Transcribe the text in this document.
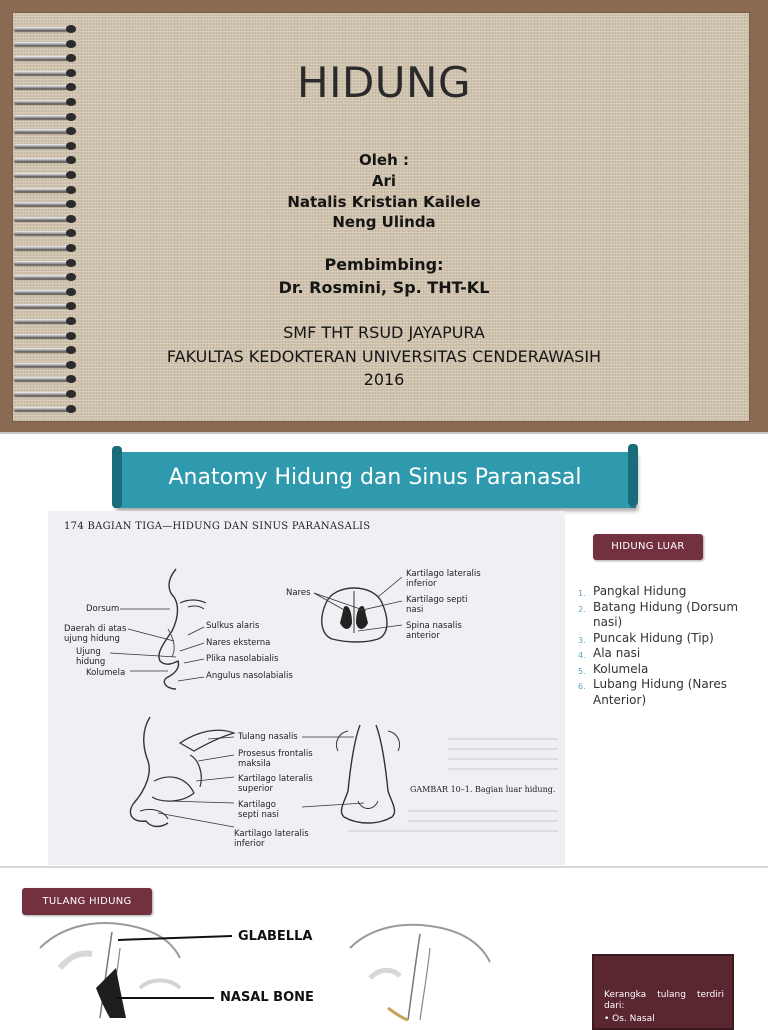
HIDUNG
Oleh :
Ari
Natalis Kristian Kailele
Neng Ulinda
Pembimbing:
Dr. Rosmini, Sp. THT-KL
SMF THT RSUD JAYAPURA
FAKULTAS KEDOKTERAN UNIVERSITAS CENDERAWASIH
2016
Anatomy Hidung dan Sinus Paranasal
174 BAGIAN TIGA—HIDUNG DAN SINUS PARANASALIS
Dorsum
Daerah di atas
ujung hidung
Ujung
hidung
Kolumela
Sulkus alaris
Nares eksterna
Plika nasolabialis
Angulus nasolabialis
Nares
Kartilago lateralis
inferior
Kartilago septi
nasi
Spina nasalis
anterior
Tulang nasalis
Prosesus frontalis
maksila
Kartilago lateralis
superior
Kartilago
septi nasi
Kartilago lateralis
inferior
GAMBAR 10–1. Bagian luar hidung.
HIDUNG LUAR
1. Pangkal Hidung
2. Batang Hidung (Dorsum nasi)
3. Puncak Hidung (Tip)
4. Ala nasi
5. Kolumela
6. Lubang Hidung (Nares Anterior)
TULANG HIDUNG
GLABELLA
NASAL BONE	Kerangka tulang terdiri dari:
• Os. Nasal
